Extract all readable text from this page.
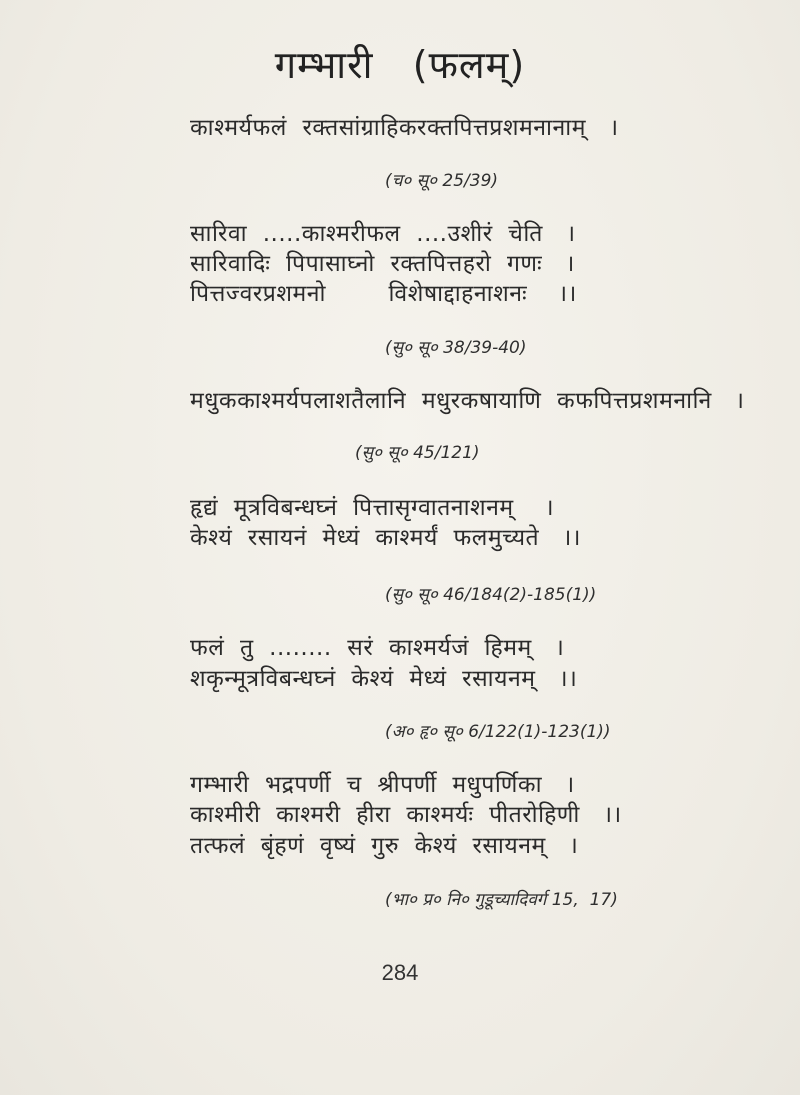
गम्भारी   (फलम्)
काश्मर्यफलं  रक्तसांग्राहिकरक्तपित्तप्रशमनानाम्   ।
(च० सू० 25/39)
सारिवा  .....काश्मरीफल  ....उशीरं  चेति   ।
सारिवादिः  पिपासाघ्नो  रक्तपित्तहरो  गणः   ।
पित्तज्वरप्रशमनो        विशेषाद्दाहनाशनः    ।।
(सु० सू० 38/39-40)
मधुककाश्मर्यपलाशतैलानि  मधुरकषायाणि  कफपित्तप्रशमनानि   ।
(सु० सू० 45/121)
हृद्यं  मूत्रविबन्धघ्नं  पित्तासृग्वातनाशनम्    ।
केश्यं  रसायनं  मेध्यं  काश्मर्यं  फलमुच्यते   ।।
(सु० सू० 46/184(2)-185(1))
फलं  तु  ........  सरं  काश्मर्यजं  हिमम्   ।
शकृन्मूत्रविबन्धघ्नं  केश्यं  मेध्यं  रसायनम्   ।।
(अ० हृ० सू० 6/122(1)-123(1))
गम्भारी  भद्रपर्णी  च  श्रीपर्णी  मधुपर्णिका   ।
काश्मीरी  काश्मरी  हीरा  काश्मर्यः  पीतरोहिणी   ।।
तत्फलं  बृंहणं  वृष्यं  गुरु  केश्यं  रसायनम्   ।
(भा० प्र० नि० गुडूच्यादिवर्ग 15,  17)
284
